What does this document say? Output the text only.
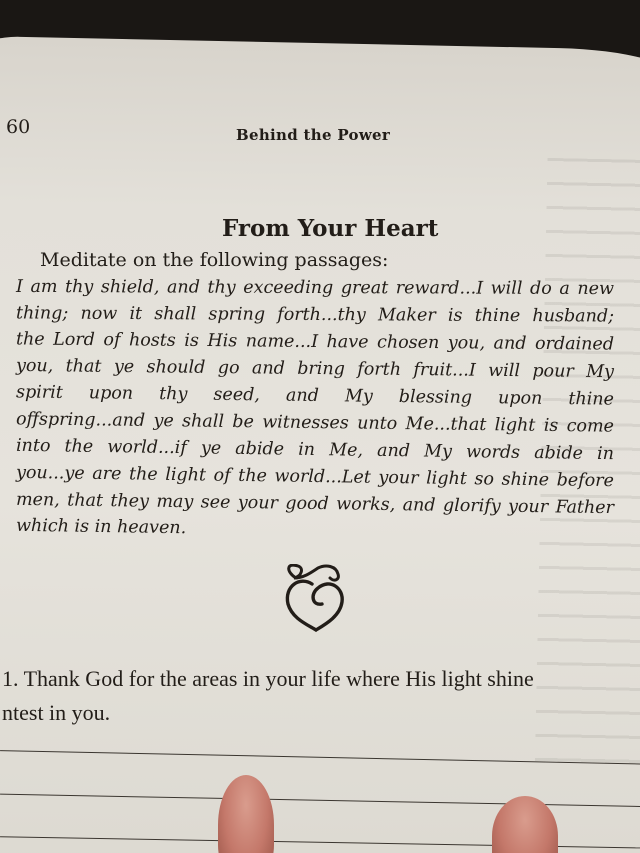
60	Behind the Power
From Your Heart
Meditate on the following passages:
I am thy shield, and thy exceeding great reward...I will do a new
thing; now it shall spring forth...thy Maker is thine husband;
the Lord of hosts is His name...I have chosen you, and ordained
you, that ye should go and bring forth fruit...I will pour My
spirit upon thy seed, and My blessing upon thine
offspring...and ye shall be witnesses unto Me...that light is come
into the world...if ye abide in Me, and My words abide in
you...ye are the light of the world...Let your light so shine before
men, that they may see your good works, and glorify your Father
which is in heaven.
1. Thank God for the areas in your life where His light shine
ntest in you.
